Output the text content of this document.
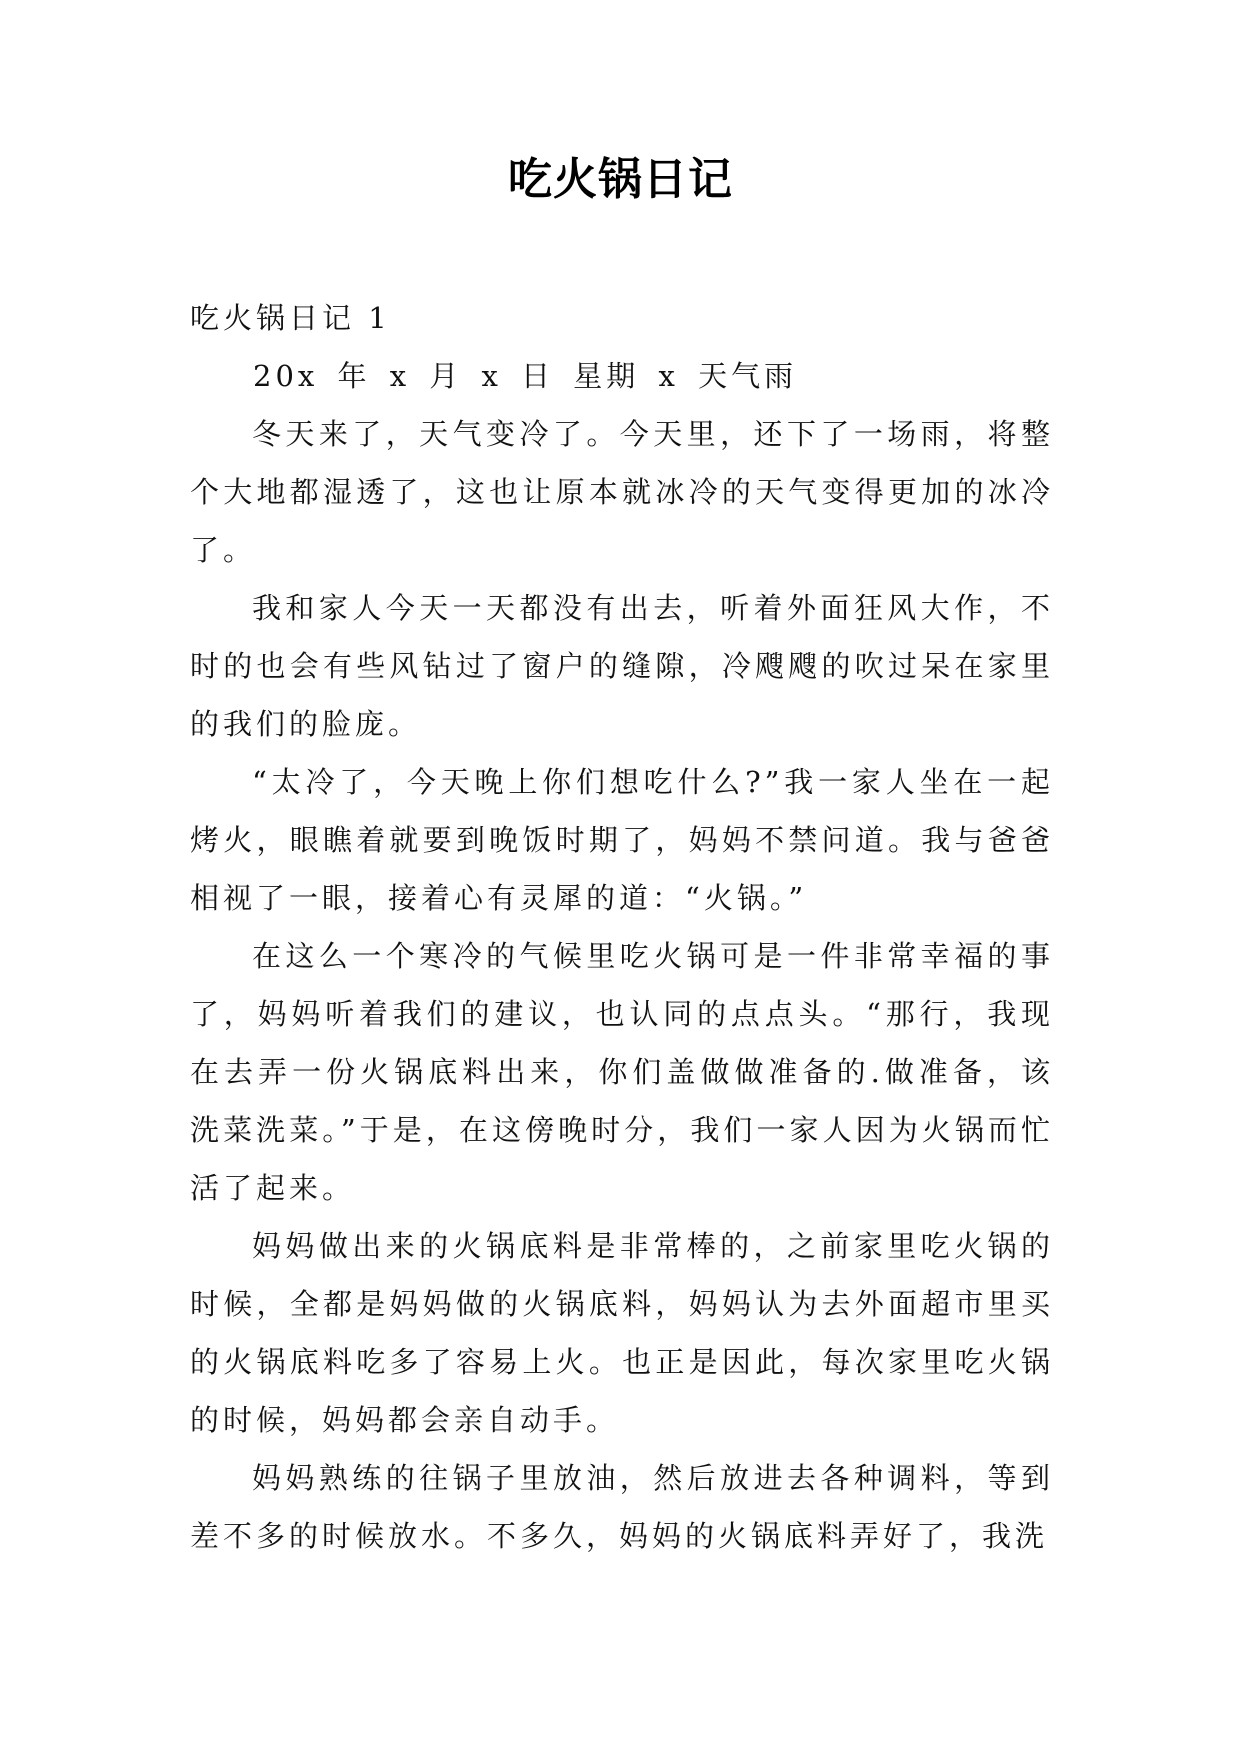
吃火锅日记

吃火锅日记 1

20x 年 x 月 x 日 星期 x 天气雨

冬天来了，天气变冷了。今天里，还下了一场雨，将整个大地都湿透了，这也让原本就冰冷的天气变得更加的冰冷了。

我和家人今天一天都没有出去，听着外面狂风大作，不时的也会有些风钻过了窗户的缝隙，冷飕飕的吹过呆在家里的我们的脸庞。

“太冷了，今天晚上你们想吃什么?”我一家人坐在一起烤火，眼瞧着就要到晚饭时期了，妈妈不禁问道。我与爸爸相视了一眼，接着心有灵犀的道：“火锅。”

在这么一个寒冷的气候里吃火锅可是一件非常幸福的事了，妈妈听着我们的建议，也认同的点点头。“那行，我现在去弄一份火锅底料出来，你们盖做做准备的.做准备，该洗菜洗菜。”于是，在这傍晚时分，我们一家人因为火锅而忙活了起来。

妈妈做出来的火锅底料是非常棒的，之前家里吃火锅的时候，全都是妈妈做的火锅底料，妈妈认为去外面超市里买的火锅底料吃多了容易上火。也正是因此，每次家里吃火锅的时候，妈妈都会亲自动手。

妈妈熟练的往锅子里放油，然后放进去各种调料，等到差不多的时候放水。不多久，妈妈的火锅底料弄好了，我洗
